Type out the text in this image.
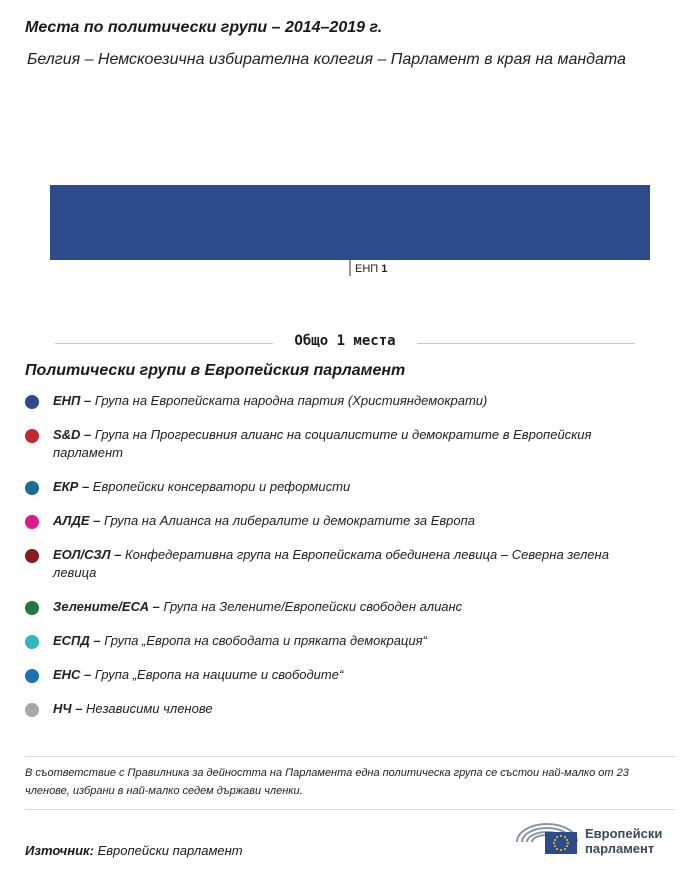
Места по политически групи – 2014–2019 г.
Белгия – Немскоезична избирателна колегия – Парламент в края на мандата
ЕНП 1
Общо 1 места
Политически групи в Европейския парламент
ЕНП – Група на Европейската народна партия (Християндемократи)
S&D – Група на Прогресивния алианс на социалистите и демократите в Европейския парламент
ЕКР – Европейски консерватори и реформисти
АЛДЕ – Група на Алианса на либералите и демократите за Европа
ЕОЛ/СЗЛ – Конфедеративна група на Европейската обединена левица – Северна зелена левица
Зелените/ЕСА – Група на Зелените/Европейски свободен алианс
ЕСПД – Група „Европа на свободата и пряката демокрация“
ЕНС – Група „Европа на нациите и свободите“
НЧ – Независими членове
В съответствие с Правилника за дейността на Парламента една политическа група се състои най-малко от 23 членове, избрани в най-малко седем държави членки.
Източник: Европейски парламент
Европейски
парламент
